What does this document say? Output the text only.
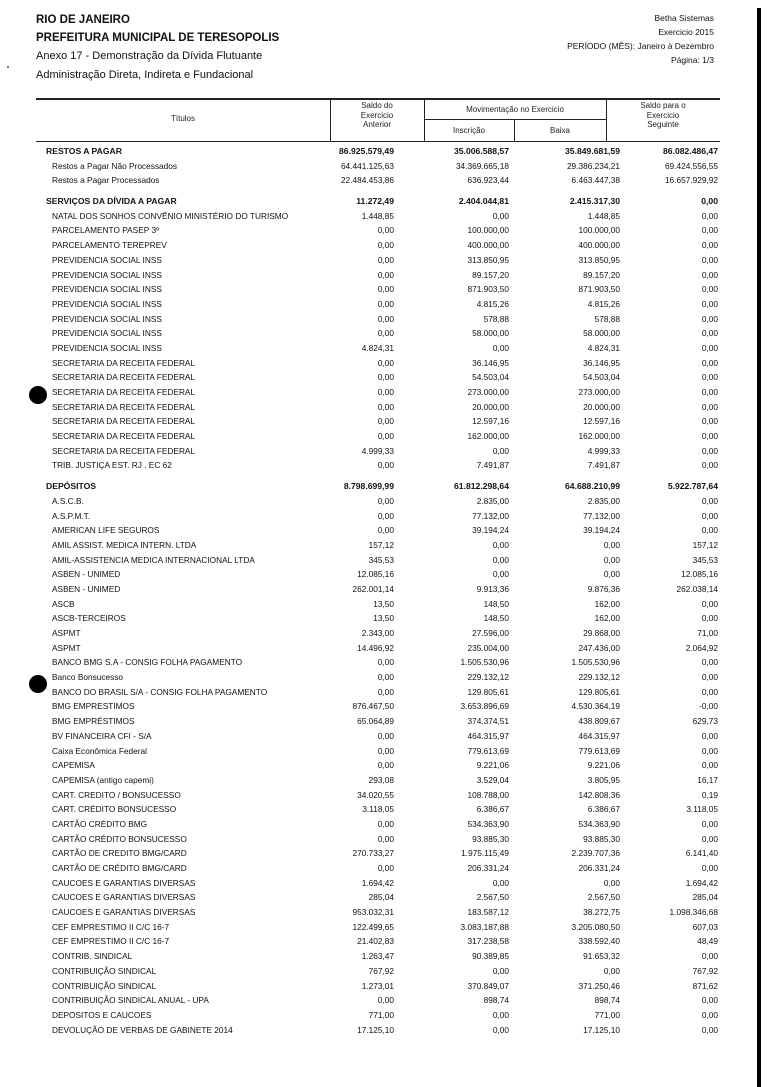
RIO DE JANEIRO
PREFEITURA MUNICIPAL DE TERESOPOLIS
Anexo 17 - Demonstração da Dívida Flutuante
Administração Direta, Indireta e Fundacional
Betha Sistemas
Exercicio 2015
PERÍODO (MÊS): Janeiro à Dezembro
Página: 1/3
Títulos
Saldo do
Exercicio
Anterior
Movimentação no Exercicio
Inscrição	Baixa
Saldo para o
Exercicio
Seguinte
RESTOS A PAGAR	86.925.579,49	35.006.588,57	35.849.681,59	86.082.486,47
Restos a Pagar Não Processados	64.441.125,63	34.369.665,18	29.386.234,21	69.424.556,55
Restos a Pagar Processados	22.484.453,86	636.923,44	6.463.447,38	16.657.929,92
SERVIÇOS DA DÍVIDA A PAGAR	11.272,49	2.404.044,81	2.415.317,30	0,00
NATAL DOS SONHOS CONVÊNIO MINISTÉRIO DO TURISMO	1.448,85	0,00	1.448,85	0,00
PARCELAMENTO PASEP 3º	0,00	100.000,00	100.000,00	0,00
PARCELAMENTO TEREPREV	0,00	400.000,00	400.000,00	0,00
PREVIDENCIA SOCIAL INSS	0,00	313.850,95	313.850,95	0,00
PREVIDENCIA SOCIAL INSS	0,00	89.157,20	89.157,20	0,00
PREVIDENCIA SOCIAL INSS	0,00	871.903,50	871.903,50	0,00
PREVIDENCIA SOCIAL INSS	0,00	4.815,26	4.815,26	0,00
PREVIDENCIA SOCIAL INSS	0,00	578,88	578,88	0,00
PREVIDENCIA SOCIAL INSS	0,00	58.000,00	58.000,00	0,00
PREVIDENCIA SOCIAL INSS	4.824,31	0,00	4.824,31	0,00
SECRETARIA DA RECEITA FEDERAL	0,00	36.146,95	36.146,95	0,00
SECRETARIA DA RECEITA FEDERAL	0,00	54.503,04	54.503,04	0,00
SECRETARIA DA RECEITA FEDERAL	0,00	273.000,00	273.000,00	0,00
SECRETARIA DA RECEITA FEDERAL	0,00	20.000,00	20.000,00	0,00
SECRETARIA DA RECEITA FEDERAL	0,00	12.597,16	12.597,16	0,00
SECRETARIA DA RECEITA FEDERAL	0,00	162.000,00	162.000,00	0,00
SECRETARIA DA RECEITA FEDERAL	4.999,33	0,00	4.999,33	0,00
TRIB. JUSTIÇA EST. RJ . EC 62	0,00	7.491,87	7.491,87	0,00
DEPÓSITOS	8.798.699,99	61.812.298,64	64.688.210,99	5.922.787,64
A.S.C.B.	0,00	2.835,00	2.835,00	0,00
A.S.P.M.T.	0,00	77.132,00	77.132,00	0,00
AMERICAN LIFE SEGUROS	0,00	39.194,24	39.194,24	0,00
AMIL ASSIST. MEDICA INTERN. LTDA	157,12	0,00	0,00	157,12
AMIL-ASSISTENCIA MEDICA INTERNACIONAL LTDA	345,53	0,00	0,00	345,53
ASBEN - UNIMED	12.085,16	0,00	0,00	12.085,16
ASBEN - UNIMED	262.001,14	9.913,36	9.876,36	262.038,14
ASCB	13,50	148,50	162,00	0,00
ASCB-TERCEIROS	13,50	148,50	162,00	0,00
ASPMT	2.343,00	27.596,00	29.868,00	71,00
ASPMT	14.496,92	235.004,00	247.436,00	2.064,92
BANCO BMG S.A - CONSIG FOLHA PAGAMENTO	0,00	1.505.530,96	1.505.530,96	0,00
Banco Bonsucesso	0,00	229.132,12	229.132,12	0,00
BANCO DO BRASIL S/A - CONSIG FOLHA PAGAMENTO	0,00	129.805,61	129.805,61	0,00
BMG EMPRESTIMOS	876.467,50	3.653.896,69	4.530.364,19	-0,00
BMG EMPRÉSTIMOS	65.064,89	374.374,51	438.809,67	629,73
BV FINANCEIRA CFI - S/A	0,00	464.315,97	464.315,97	0,00
Caixa Econômica Federal	0,00	779.613,69	779.613,69	0,00
CAPEMISA	0,00	9.221,06	9.221,06	0,00
CAPEMISA (antigo capemi)	293,08	3.529,04	3.805,95	16,17
CART. CREDITO / BONSUCESSO	34.020,55	108.788,00	142.808,36	0,19
CART. CRÉDITO BONSUCESSO	3.118,05	6.386,67	6.386,67	3.118,05
CARTÃO CRÉDITO BMG	0,00	534.363,90	534.363,90	0,00
CARTÃO CRÉDITO BONSUCESSO	0,00	93.885,30	93.885,30	0,00
CARTÃO DE CREDITO BMG/CARD	270.733,27	1.975.115,49	2.239.707,36	6.141,40
CARTÃO DE CRÉDITO BMG/CARD	0,00	206.331,24	206.331,24	0,00
CAUCOES E GARANTIAS DIVERSAS	1.694,42	0,00	0,00	1.694,42
CAUCOES E GARANTIAS DIVERSAS	285,04	2.567,50	2.567,50	285,04
CAUCOES E GARANTIAS DIVERSAS	953.032,31	183.587,12	38.272,75	1.098.346,68
CEF EMPRESTIMO II C/C 16-7	122.499,65	3.083.187,88	3.205.080,50	607,03
CEF EMPRESTIMO II C/C 16-7	21.402,83	317.238,58	338.592,40	48,49
CONTRIB. SINDICAL	1.263,47	90.389,85	91.653,32	0,00
CONTRIBUIÇÃO SINDICAL	767,92	0,00	0,00	767,92
CONTRIBUIÇÃO SINDICAL	1.273,01	370.849,07	371.250,46	871,62
CONTRIBUIÇÃO SINDICAL ANUAL - UPA	0,00	898,74	898,74	0,00
DEPOSITOS E CAUCOES	771,00	0,00	771,00	0,00
DEVOLUÇÃO DE VERBAS DE GABINETE 2014	17.125,10	0,00	17.125,10	0,00
